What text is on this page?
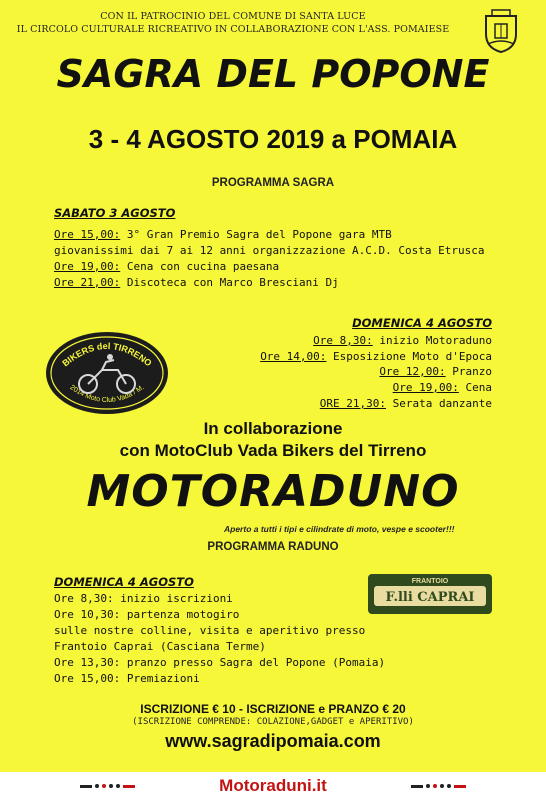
CON IL PATROCINIO DEL COMUNE DI SANTA LUCE
IL CIRCOLO CULTURALE RICREATIVO IN COLLABORAZIONE CON L'ASS. POMAIESE
SAGRA DEL POPONE
3 - 4 AGOSTO 2019 a POMAIA
PROGRAMMA SAGRA
SABATO 3 AGOSTO
Ore 15,00: 3° Gran Premio Sagra del Popone gara MTB
giovanissimi dai 7 ai 12 anni organizzazione A.C.D. Costa Etrusca
Ore 19,00: Cena con cucina paesana
Ore 21,00: Discoteca con Marco Bresciani Dj
DOMENICA 4 AGOSTO
Ore 8,30: inizio Motoraduno
Ore 14,00: Esposizione Moto d'Epoca
Ore 12,00: Pranzo
Ore 19,00: Cena
ORE 21,30: Serata danzante
BIKERS del TIRRENO
2014 Moto Club Vada / M.
In collaborazione
con MotoClub Vada Bikers del Tirreno
MOTORADUNO
Aperto a tutti i tipi e cilindrate di moto, vespe e scooter!!!
PROGRAMMA RADUNO
DOMENICA 4 AGOSTO
Ore 8,30: inizio iscrizioni
Ore 10,30: partenza motogiro
sulle nostre colline, visita e aperitivo presso
Frantoio Caprai (Casciana Terme)
Ore 13,30: pranzo presso Sagra del Popone (Pomaia)
Ore 15,00: Premiazioni
FRANTOIO
F.lli CAPRAI
ISCRIZIONE € 10 - ISCRIZIONE e PRANZO € 20
(ISCRIZIONE COMPRENDE: COLAZIONE,GADGET e APERITIVO)
www.sagradipomaia.com
Motoraduni.it
